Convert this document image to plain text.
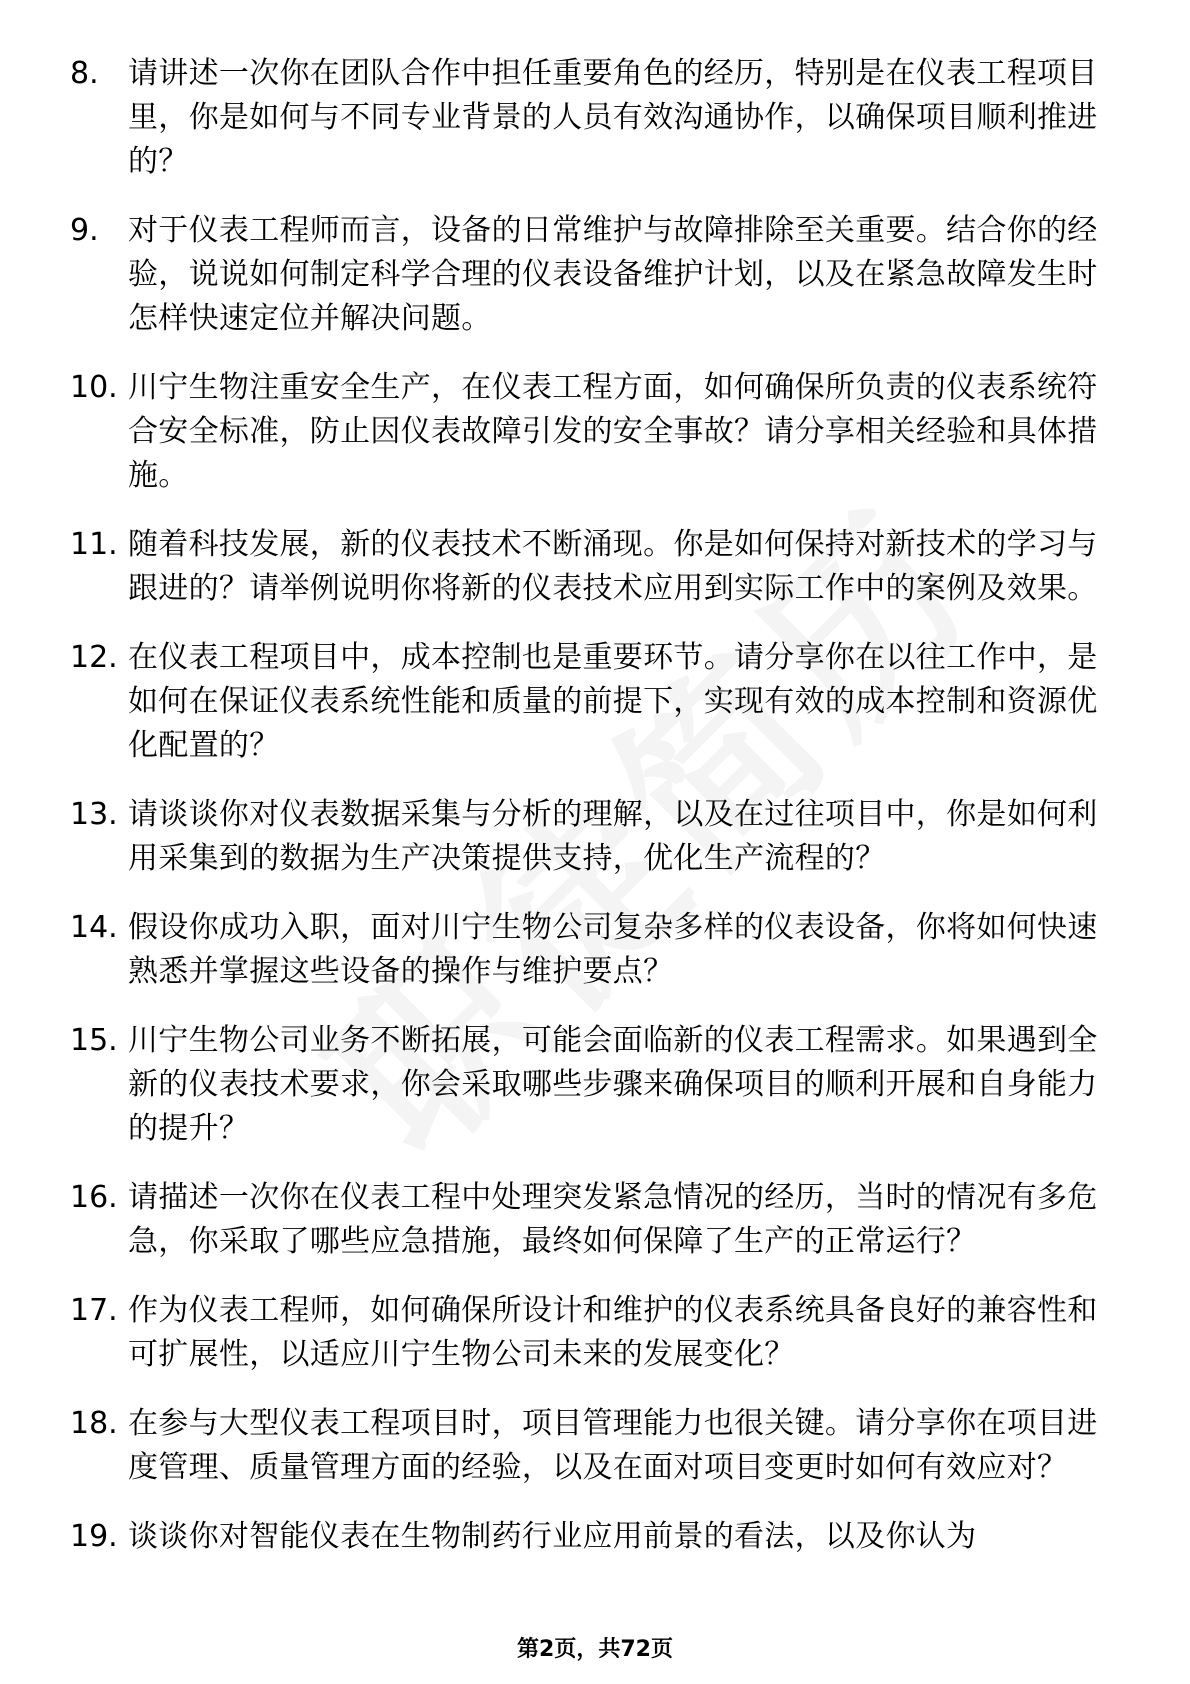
8. 请讲述一次你在团队合作中担任重要角色的经历，特别是在仪表工程项目里，你是如何与不同专业背景的人员有效沟通协作，以确保项目顺利推进的？
9. 对于仪表工程师而言，设备的日常维护与故障排除至关重要。结合你的经验，说说如何制定科学合理的仪表设备维护计划，以及在紧急故障发生时怎样快速定位并解决问题。
10. 川宁生物注重安全生产，在仪表工程方面，如何确保所负责的仪表系统符合安全标准，防止因仪表故障引发的安全事故？请分享相关经验和具体措施。
11. 随着科技发展，新的仪表技术不断涌现。你是如何保持对新技术的学习与跟进的？请举例说明你将新的仪表技术应用到实际工作中的案例及效果。
12. 在仪表工程项目中，成本控制也是重要环节。请分享你在以往工作中，是如何在保证仪表系统性能和质量的前提下，实现有效的成本控制和资源优化配置的？
13. 请谈谈你对仪表数据采集与分析的理解，以及在过往项目中，你是如何利用采集到的数据为生产决策提供支持，优化生产流程的？
14. 假设你成功入职，面对川宁生物公司复杂多样的仪表设备，你将如何快速熟悉并掌握这些设备的操作与维护要点？
15. 川宁生物公司业务不断拓展，可能会面临新的仪表工程需求。如果遇到全新的仪表技术要求，你会采取哪些步骤来确保项目的顺利开展和自身能力的提升？
16. 请描述一次你在仪表工程中处理突发紧急情况的经历，当时的情况有多危急，你采取了哪些应急措施，最终如何保障了生产的正常运行？
17. 作为仪表工程师，如何确保所设计和维护的仪表系统具备良好的兼容性和可扩展性，以适应川宁生物公司未来的发展变化？
18. 在参与大型仪表工程项目时，项目管理能力也很关键。请分享你在项目进度管理、质量管理方面的经验，以及在面对项目变更时如何有效应对？
19. 谈谈你对智能仪表在生物制药行业应用前景的看法，以及你认为
第2页，共72页
